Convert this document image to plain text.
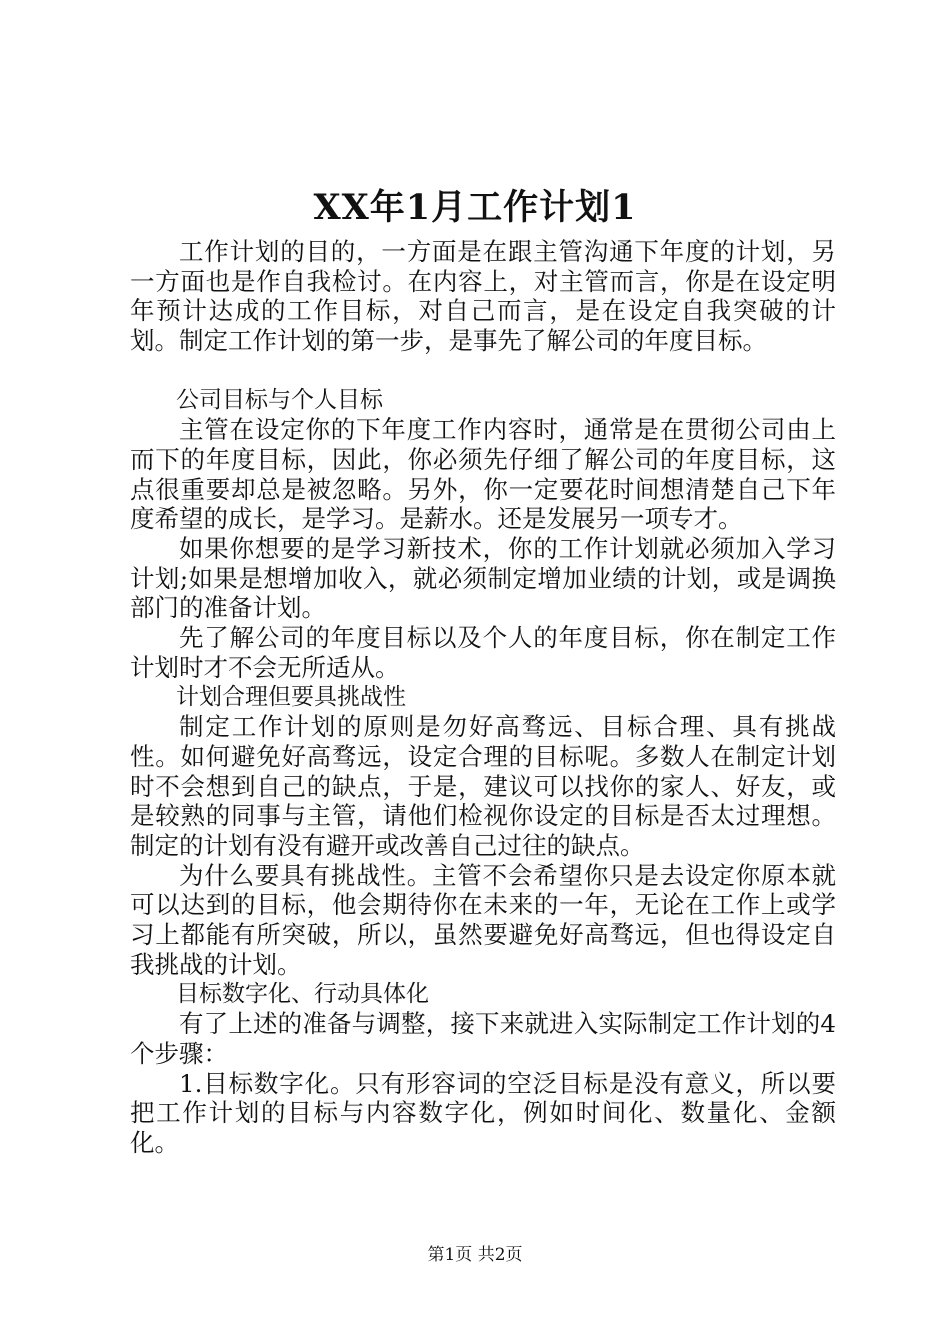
XX年1月工作计划1

工作计划的目的，一方面是在跟主管沟通下年度的计划，另一方面也是作自我检讨。在内容上，对主管而言，你是在设定明年预计达成的工作目标，对自己而言，是在设定自我突破的计划。制定工作计划的第一步，是事先了解公司的年度目标。

公司目标与个人目标

主管在设定你的下年度工作内容时，通常是在贯彻公司由上而下的年度目标，因此，你必须先仔细了解公司的年度目标，这点很重要却总是被忽略。另外，你一定要花时间想清楚自己下年度希望的成长，是学习。是薪水。还是发展另一项专才。

如果你想要的是学习新技术，你的工作计划就必须加入学习计划;如果是想增加收入，就必须制定增加业绩的计划，或是调换部门的准备计划。

先了解公司的年度目标以及个人的年度目标，你在制定工作计划时才不会无所适从。

计划合理但要具挑战性

制定工作计划的原则是勿好高骛远、目标合理、具有挑战性。如何避免好高骛远，设定合理的目标呢。多数人在制定计划时不会想到自己的缺点，于是，建议可以找你的家人、好友，或是较熟的同事与主管，请他们检视你设定的目标是否太过理想。制定的计划有没有避开或改善自己过往的缺点。

为什么要具有挑战性。主管不会希望你只是去设定你原本就可以达到的目标，他会期待你在未来的一年，无论在工作上或学习上都能有所突破，所以，虽然要避免好高骛远，但也得设定自我挑战的计划。

目标数字化、行动具体化

有了上述的准备与调整，接下来就进入实际制定工作计划的4个步骤：

1.目标数字化。只有形容词的空泛目标是没有意义，所以要把工作计划的目标与内容数字化，例如时间化、数量化、金额化。

第1页 共2页
